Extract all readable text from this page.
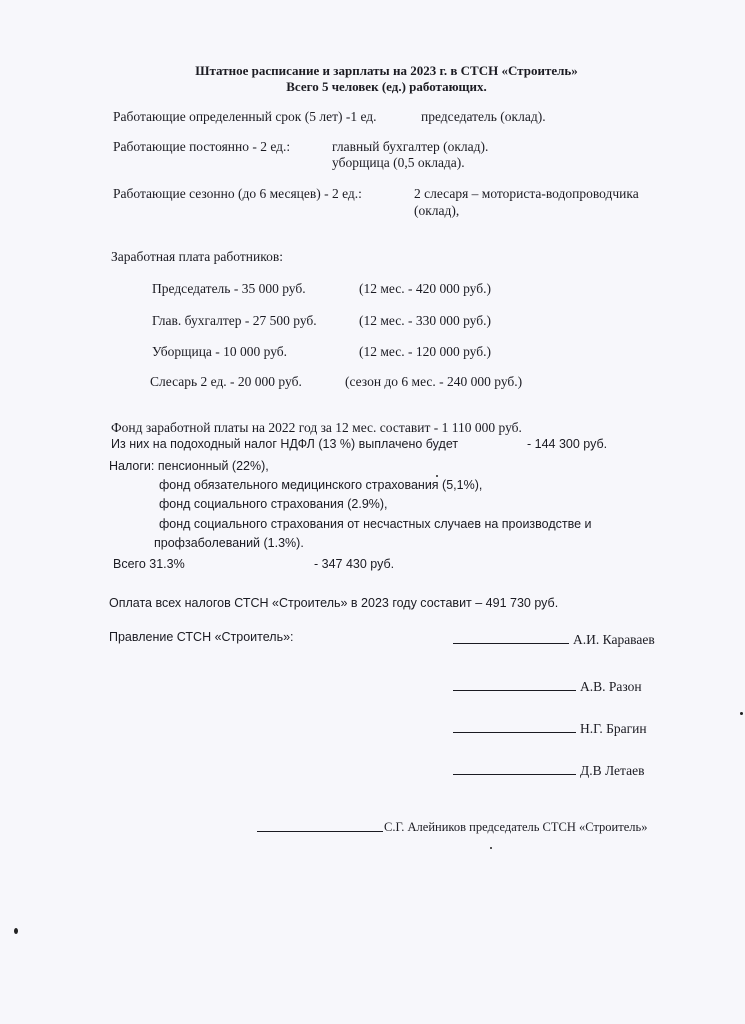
Штатное расписание и зарплаты на 2023 г. в СТСН «Строитель»
Всего 5 человек (ед.) работающих.
Работающие определенный срок (5 лет) -1 ед.	председатель (оклад).
Работающие постоянно - 2 ед.:	главный бухгалтер (оклад).
уборщица (0,5 оклада).
Работающие сезонно (до 6 месяцев) - 2 ед.:	2 слесаря – моториста-водопроводчика
(оклад),
Заработная плата работников:
Председатель - 35 000 руб.	(12 мес. - 420 000 руб.)
Глав. бухгалтер - 27 500 руб.	(12 мес. - 330 000 руб.)
Уборщица - 10 000 руб.	(12 мес. - 120 000 руб.)
Слесарь 2 ед. - 20 000 руб.	(сезон до 6 мес. - 240 000 руб.)
Фонд заработной платы на 2022 год за 12 мес. составит - 1 110 000 руб.
Из них на подоходный налог НДФЛ (13 %) выплачено будет	- 144 300 руб.
Налоги: пенсионный (22%),
фонд обязательного медицинского страхования (5,1%),
фонд социального страхования (2.9%),
фонд социального страхования от несчастных случаев на производстве и
профзаболеваний (1.3%).
Всего 31.3%	- 347 430 руб.
Оплата всех налогов СТСН «Строитель» в 2023 году составит – 491 730 руб.
Правление СТСН «Строитель»:	А.И. Караваев
А.В. Разон
Н.Г. Брагин
Д.В Летаев
С.Г. Алейников председатель СТСН «Строитель»
